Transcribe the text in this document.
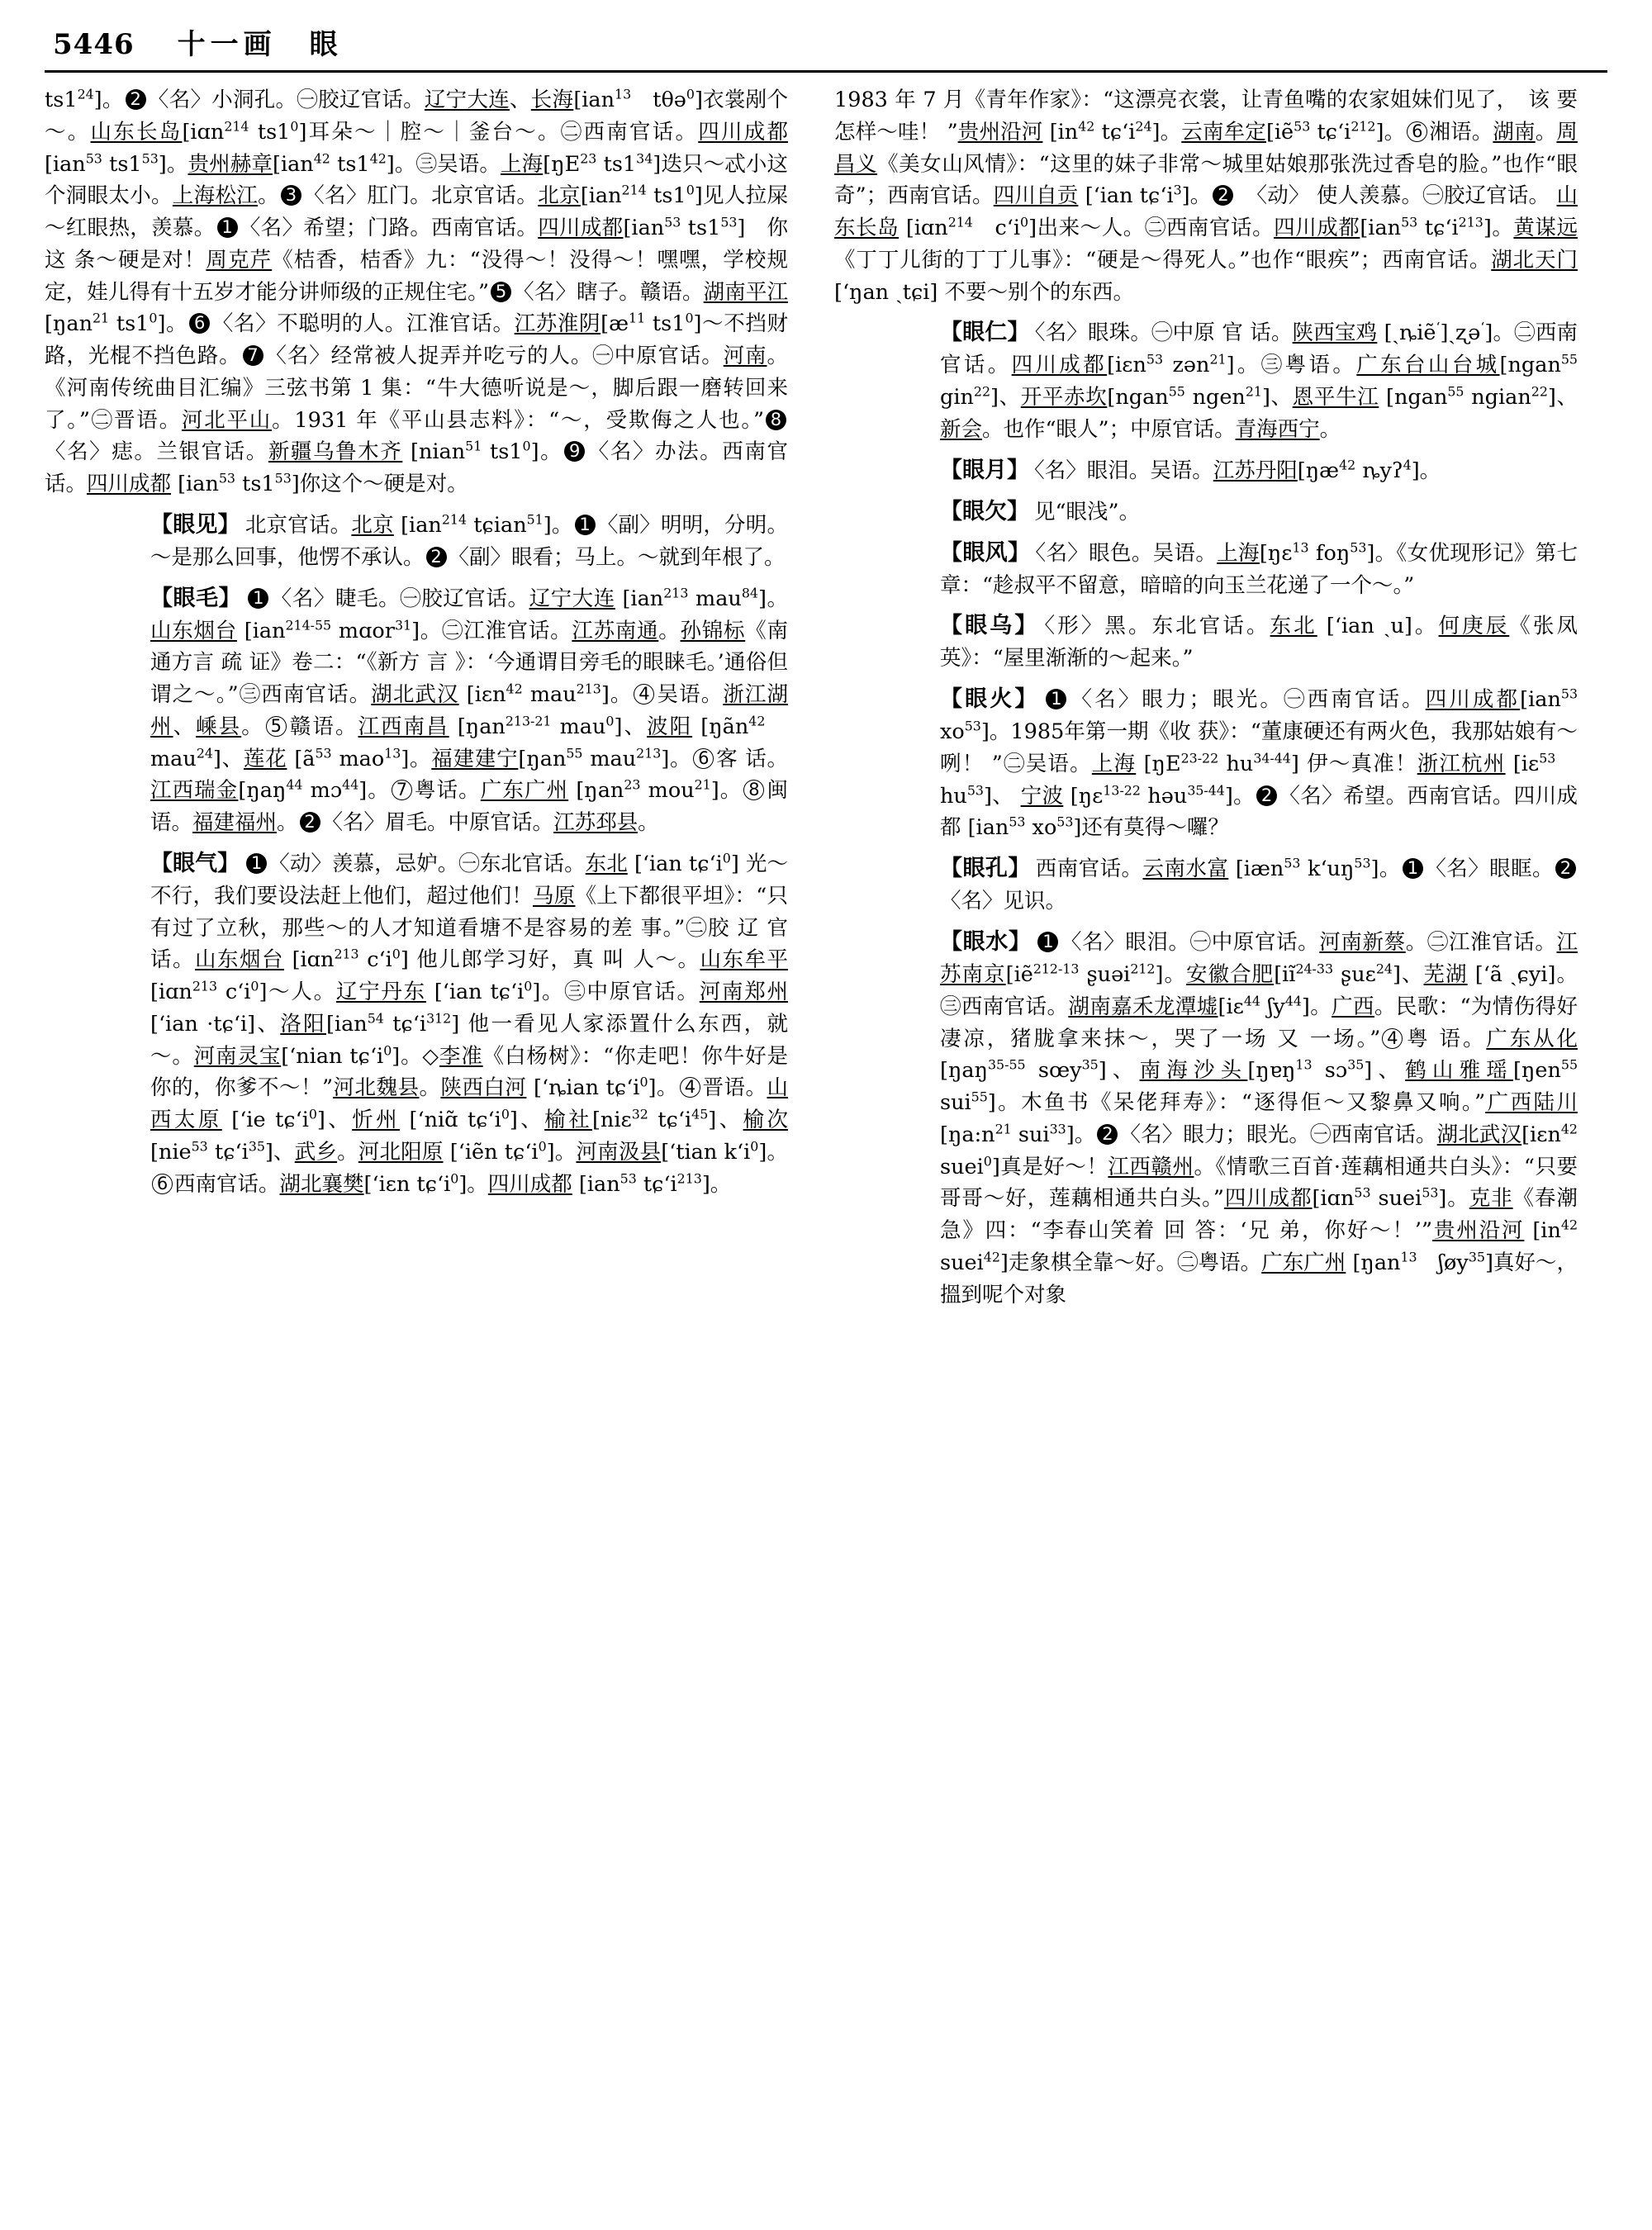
5446 十一画　眼

$ts1^{24}$]。 2 〈名〉小洞孔。㊀胶辽官话。辽宁大连、长海[ian$^{13}$　tθə$^0$]衣裳剐个～。山东长岛[iɑn$^{214}$ $ts1^0$]耳朵～｜腔～｜釜台～。㊁西南官话。四川成都[ian$^{53}$ $ts1^{53}$]。贵州赫章[ian$^{42}$ $ts1^{42}$]。㊂吴语。上海[$ŋE^{23}$ $ts1^{34}$]迭只～忒小这个洞眼太小。上海松江。 3 〈名〉肛门。北京官话。北京[ian$^{214}$ $ts1^0$]见人拉屎～红眼热，羡慕。 1 〈名〉希望；门路。西南官话。四川成都[ian$^{53}$ $ts1^{53}$]　你 这 条～硬是对！周克芹《桔香，桔香》九：“没得～！没得～！嘿嘿，学校规定，娃儿得有十五岁才能分讲师级的正规住宅。” 5 〈名〉瞎子。赣语。湖南平江[ŋan$^{21}$ $ts1^0$]。 6 〈名〉不聪明的人。江淮官话。江苏淮阴[$æ^{11}$ $ts1^0]\sim$不挡财路，光棍不挡色路。 7 〈名〉经常被人捉弄并吃亏的人。㊀中原官话。河南。《河南传统曲目汇编》三弦书第 1 集：“牛大德听说是～，脚后跟一磨转回来了。”㊁晋语。河北平山。1931 年《平山县志料》：“～，受欺侮之人也。” 8〈名〉痣。兰银官话。新疆乌鲁木齐 [nian$^{51}$ $ts1^0$]。 9 〈名〉办法。西南官话。四川成都 [ian$^{53}$ $ts1^{53}$]你这个～硬是对。

【眼见】 北京官话。北京 [ian$^{214}$ tɕian$^{51}$]。 1 〈副〉明明，分明。～是那么回事，他愣不承认。 2 〈副〉眼看；马上。～就到年根了。

【眼毛】 1 〈名〉睫毛。㊀胶辽官话。辽宁大连 [ian$^{213}$ mau$^{84}$]。山东烟台 [ian$^{214-55}$ mɑor$^{31}$]。㊁江淮官话。江苏南通。孙锦标《南通方言 疏 证》卷二：“《新方 言 》：‘今通谓目旁毛的眼睐毛。’通俗但谓之～。”㊂西南官话。湖北武汉 [iɛn$^{42}$ mau$^{213}$]。 4 吴语。浙江湖州、嵊县。 5 赣语。江西南昌 [ŋan$^{213-21}$ mau$^0$]、波阳 [ŋãn$^{42}$　mau$^{24}$]、莲花 [$ã^{53}$ mao$^{13}$]。福建建宁[ŋan$^{55}$ mau$^{213}$]。 6 客 话。江西瑞金[ŋaŋ$^{44}$ mɔ$^{44}$]。 7 粤话。广东广州 [ŋan$^{23}$ mou$^{21}$]。 8 闽语。福建福州。 2 〈名〉眉毛。中原官话。江苏邳县。

【眼气】 1 〈动〉羡慕，忌妒。㊀东北官话。东北 [ʻian tɕʻi$^0$] 光～不行，我们要设法赶上他们，超过他们！马原《上下都很平坦》：“只有过了立秋，那些～的人才知道看塘不是容易的差 事。”㊁胶 辽 官 话。山东烟台 [iɑn$^{213}$ cʻi$^0$] 他儿郎学习好，真 叫 人～。山东牟平[iɑn$^{213}$ cʻi$^0$]～人。辽宁丹东 [ʻian tɕʻi$^0$]。㊂中原官话。河南郑州 [ʻian ·tɕʻi]、洛阳[ian$^{54}$ tɕʻi$^{312}$] 他一看见人家添置什么东西，就～。河南灵宝[ʻnian tɕʻi$^0$]。◇李准《白杨树》：“你走吧！你牛好是你的，你爹不～！”河北魏县。陕西白河 [ʻȵian tɕʻi$^0$]。 4 晋语。山西太原 [ʻie tɕʻi$^0$]、忻州 [ʻniɑ̃ tɕʻi$^0$]、榆社[niɛ$^{32}$ tɕʻi$^{45}$]、榆次 [nie$^{53}$ tɕʻi$^{35}$]、武乡。河北阳原 [ʻiẽn tɕʻi$^0$]。河南汲县[ʻtian kʻi$^0$]。6 西南官话。湖北襄樊[ʻiɛn tɕʻi$^0$]。四川成都 [ian$^{53}$ tɕʻi$^{213}$]。

1983 年 7 月《青年作家》：“这漂亮衣裳，让青鱼嘴的农家姐妹们见了，　该 要 怎样～哇！ ”贵州沿河 [$in^{42}$ tɕʻi$^{24}$]。云南牟定[iẽ$^{53}$ tɕʻi$^{212}$]。 6 湘语。湖南。周昌义《美女山风情》：“这里的妹子非常～城里姑娘那张洗过香皂的脸。”也作“眼奇”；西南官话。四川自贡 [ʻian tɕʻi$^3$]。 2　〈动〉 使人羡慕。㊀胶辽官话。 山东长岛 [iɑn$^{214}$　cʻi$^0$]出来～人。㊁西南官话。四川成都[ian$^{53}$ tɕʻi$^{213}$]。黄谋远《丁丁儿街的丁丁儿事》：“硬是～得死人。”也作“眼疾”；西南官话。湖北天门 [ʻŋan ˏtɕi] 不要～别个的东西。

【眼仁】 〈名〉眼珠。㊀中原 官 话。陕西宝鸡 [ˏȵiẽ$^ʻ$]ˏʐə$^ʻ$]。㊁西南官话。四川成都[iɛn$^{53}$ zən$^{21}$]。㊂粤语。广东台山台城[ngan$^{55}$ gin$^{22}$]、开平赤坎[ngan$^{55}$ ngen$^{21}$]、恩平牛江 [ngan$^{55}$ ngian$^{22}$]、新会。也作“眼人”；中原官话。青海西宁。

【眼月】 〈名〉眼泪。吴语。江苏丹阳[$ŋæ^{42}$ ȵyʔ$^4$]。

【眼欠】 见“眼浅”。

【眼风】 〈名〉眼色。吴语。上海[ŋɛ$^{13}$ foŋ$^{53}$]。《女优现形记》第七章：“趁叔平不留意，暗暗的向玉兰花递了一个～。”

【眼乌】 〈形〉黑。东北官话。东北 [ʻian ˏu]。何庚辰《张凤英》：“屋里渐渐的～起来。”

【眼火】 1 〈名〉眼力；眼光。㊀西南官话。四川成都[ian$^{53}$ $xo^{53}$]。1985年第一期《收 获》：“董康硬还有两火色，我那姑娘有～咧！ ”㊁吴语。上海 [$ŋE^{23-22}$ $hu^{34-44}$] 伊～真准！浙江杭州 [iɛ$^{53}$　$hu^{53}$]、 宁波 [ŋɛ$^{13-22}$ həu$^{35-44}$]。 2 〈名〉希望。西南官话。四川成都 [ian$^{53}$ $xo^{53}$]还有莫得～囉？

【眼孔】 西南官话。云南水富 [iæn$^{53}$ kʻuŋ$^{53}$]。 1 〈名〉眼眶。 2〈名〉见识。

【眼水】 1 〈名〉眼泪。㊀中原官话。河南新蔡。㊁江淮官话。江苏南京[iẽ$^{212-13}$ ʂuəi$^{212}$]。安徽合肥[$iĩ^{24-33}$ ʂuɛ$^{24}$]、芜湖 [ʻã ˏɕyi]。㊂西南官话。湖南嘉禾龙潭墟[iɛ$^{44}$ ʃy$^{44}$]。广西。民歌：“为情伤得好凄凉，猪胧拿来抹～，哭了一场 又 一场。” 4 粤 语。广东从化[ŋaŋ$^{35-55}$ sœy$^{35}$]、南海沙头[ŋɐŋ$^{13}$ sɔ$^{35}$]、鹤山雅瑶[ŋen$^{55}$ sui$^{55}$]。木鱼书《呆佬拜寿》：“逐得佢～又黎鼻又响。”广西陆川[$ŋa:n^{21}$ sui$^{33}$]。 2 〈名〉眼力；眼光。㊀西南官话。湖北武汉[iɛn$^{42}$ suei$^0$]真是好～！江西赣州。《情歌三百首·莲藕相通共白头》：“只要哥哥～好，莲藕相通共白头。”四川成都[iɑn$^{53}$ suei$^{53}$]。克非《春潮急》四：“李春山笑着 回 答：‘兄 弟，你好～！’”贵州沿河 [$in^{42}$ suei$^{42}$]走象棋全靠～好。㊁粤语。广东广州 [ŋan$^{13}$　ʃøy$^{35}$]真好～，搵到呢个对象
